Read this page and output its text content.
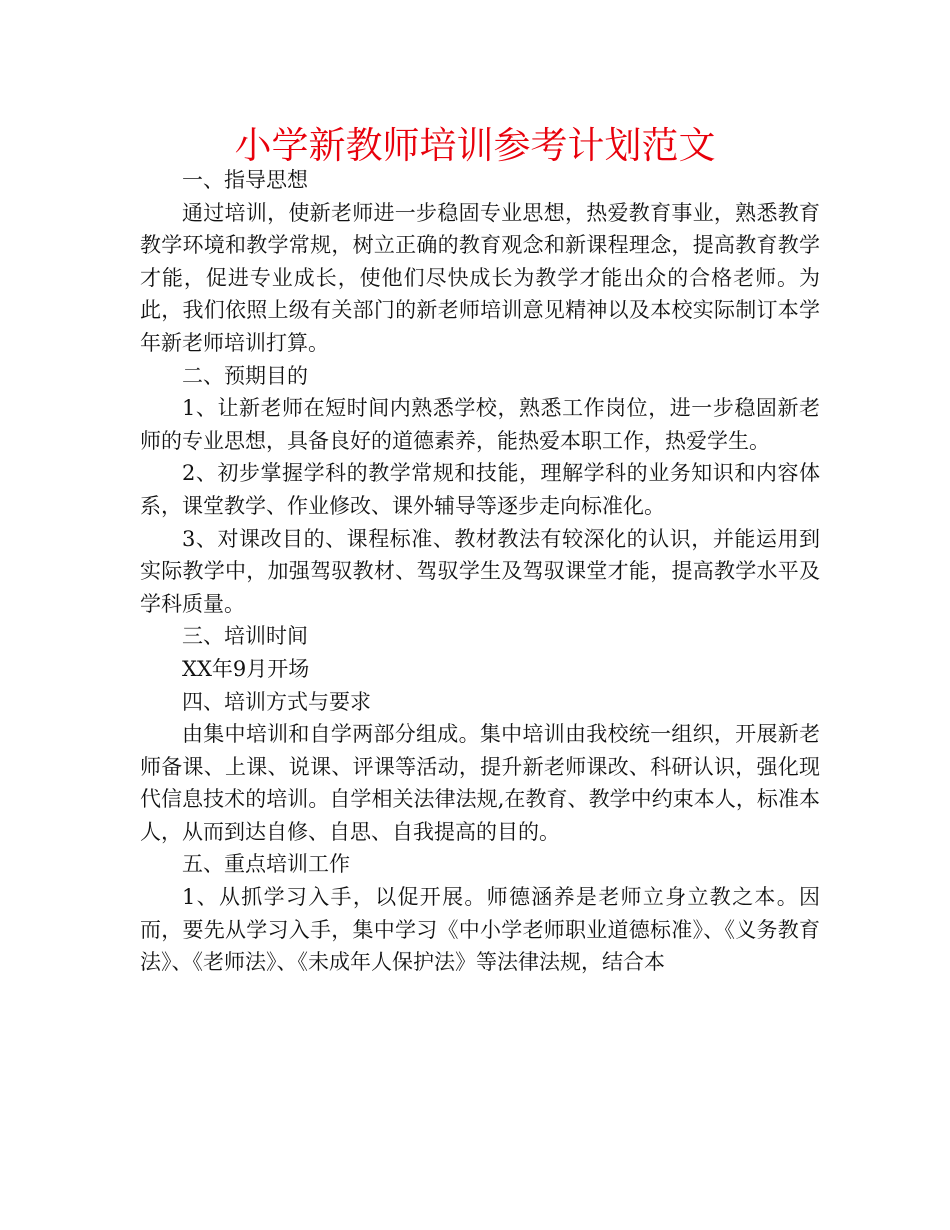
小学新教师培训参考计划范文

一、指导思想

通过培训，使新老师进一步稳固专业思想，热爱教育事业，熟悉教育教学环境和教学常规，树立正确的教育观念和新课程理念，提高教育教学才能，促进专业成长，使他们尽快成长为教学才能出众的合格老师。为此，我们依照上级有关部门的新老师培训意见精神以及本校实际制订本学年新老师培训打算。

二、预期目的

1、让新老师在短时间内熟悉学校，熟悉工作岗位，进一步稳固新老师的专业思想，具备良好的道德素养，能热爱本职工作，热爱学生。

2、初步掌握学科的教学常规和技能，理解学科的业务知识和内容体系，课堂教学、作业修改、课外辅导等逐步走向标准化。

3、对课改目的、课程标准、教材教法有较深化的认识，并能运用到实际教学中，加强驾驭教材、驾驭学生及驾驭课堂才能，提高教学水平及学科质量。

三、培训时间

XX年9月开场

四、培训方式与要求

由集中培训和自学两部分组成。集中培训由我校统一组织，开展新老师备课、上课、说课、评课等活动，提升新老师课改、科研认识，强化现代信息技术的培训。自学相关法律法规,在教育、教学中约束本人，标准本人，从而到达自修、自思、自我提高的目的。

五、重点培训工作

1、从抓学习入手，以促开展。师德涵养是老师立身立教之本。因而，要先从学习入手，集中学习《中小学老师职业道德标准》、《义务教育法》、《老师法》、《未成年人保护法》等法律法规，结合本
